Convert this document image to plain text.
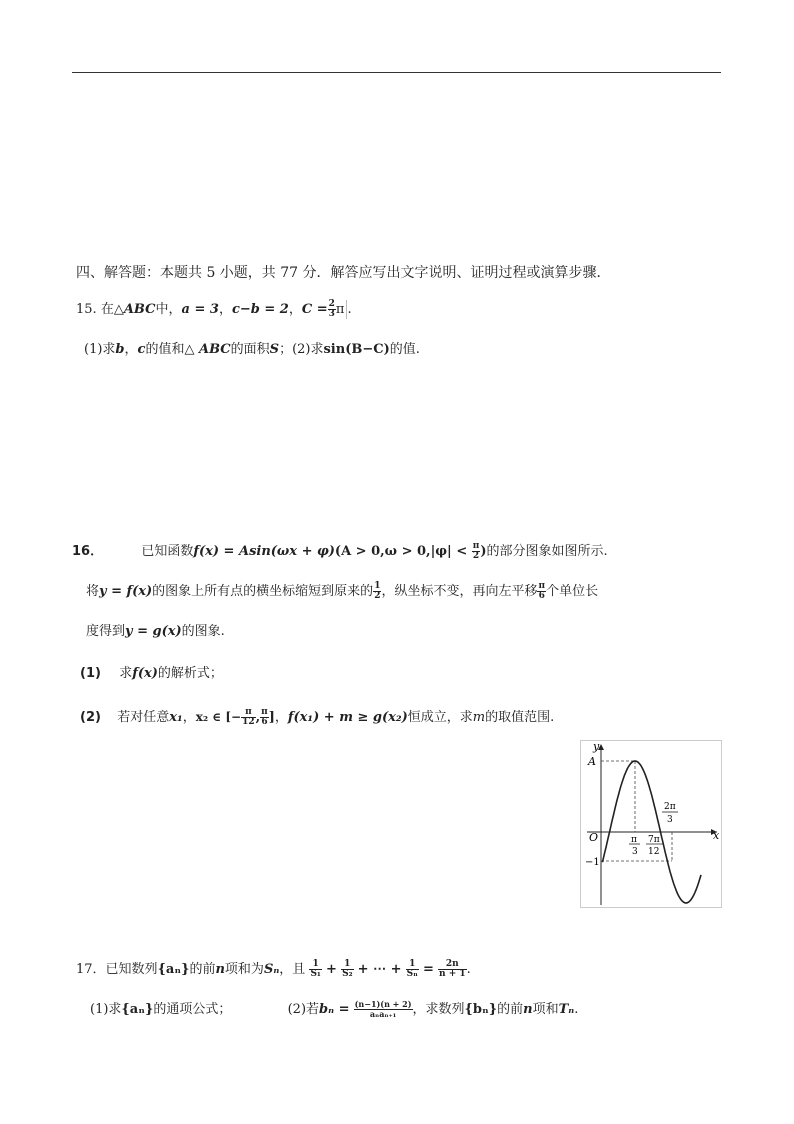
四、解答题：本题共 5 小题，共 77 分．解答应写出文字说明、证明过程或演算步骤．
15. 在△ABC中，a = 3，c−b = 2，$C = \frac{2}{3}$ π .
(1)求b，c的值和△ ABC的面积S；(2)求sin(B−C)的值.
16．	已知函数$f(x) = Asin(\omega x + \varphi)(A > 0,\omega > 0,|\varphi| < \frac{\pi}{2}$ )的部分图象如图所示.
将y = f(x)的图象上所有点的横坐标缩短到原来的 $\frac{1}{2}$ ，纵坐标不变，再向左平移 $\frac{\pi}{6}$ 个单位长
度得到y = g(x)的图象.
(1) 求f(x)的解析式；
(2) 若对任意x₁，x₂ ∈ [− $\frac{\pi}{12}$ , $\frac{\pi}{6}$ ]，f(x₁) + m ≥ g(x₂)恒成立，求m的取值范围.
y
x
A
O
−1
π
3
7π
12
2π
3
17．已知数列{aₙ}的前n项和为Sₙ，且 $\frac{1}{\text{S₁}} + \frac{1}{\text{S₂}}$ + ⋯ + $\frac{1}{\text{Sₙ}} = \frac{2n}{n + 1}$ .
(1)求{aₙ}的通项公式；	(2)若$b_n = \frac{(n-1)(n + 2)}{\text{aₙaₙ₊₁}}$ ，求数列{bₙ}的前n项和Tₙ.
